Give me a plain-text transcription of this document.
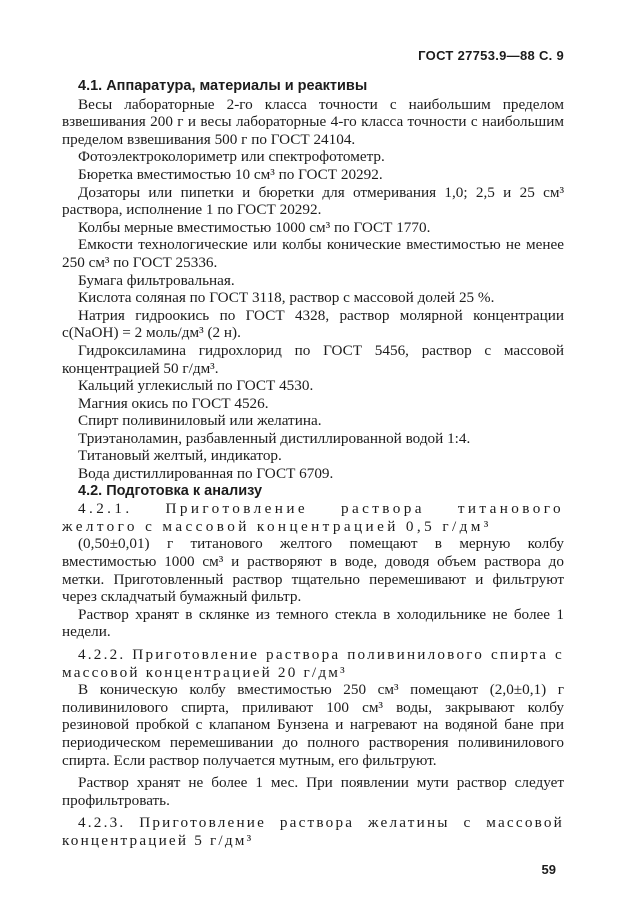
ГОСТ 27753.9—88 С. 9

4.1. Аппаратура, материалы и реактивы

Весы лабораторные 2-го класса точности с наибольшим пределом взвешивания 200 г и весы лабораторные 4-го класса точности с наибольшим пределом взвешивания 500 г по ГОСТ 24104.

Фотоэлектроколориметр или спектрофотометр.

Бюретка вместимостью 10 см³ по ГОСТ 20292.

Дозаторы или пипетки и бюретки для отмеривания 1,0; 2,5 и 25 см³ раствора, исполнение 1 по ГОСТ 20292.

Колбы мерные вместимостью 1000 см³ по ГОСТ 1770.

Емкости технологические или колбы конические вместимостью не менее 250 см³ по ГОСТ 25336.

Бумага фильтровальная.

Кислота соляная по ГОСТ 3118, раствор с массовой долей 25 %.

Натрия гидроокись по ГОСТ 4328, раствор молярной концентрации c(NaOH) = 2 моль/дм³ (2 н).

Гидроксиламина гидрохлорид по ГОСТ 5456, раствор с массовой концентрацией 50 г/дм³.

Кальций углекислый по ГОСТ 4530.

Магния окись по ГОСТ 4526.

Спирт поливиниловый или желатина.

Триэтаноламин, разбавленный дистиллированной водой 1:4.

Титановый желтый, индикатор.

Вода дистиллированная по ГОСТ 6709.

4.2. Подготовка к анализу

4.2.1. Приготовление раствора титанового желтого с массовой концентрацией 0,5 г/дм³

(0,50±0,01) г титанового желтого помещают в мерную колбу вместимостью 1000 см³ и растворяют в воде, доводя объем раствора до метки. Приготовленный раствор тщательно перемешивают и фильтруют через складчатый бумажный фильтр.

Раствор хранят в склянке из темного стекла в холодильнике не более 1 недели.

4.2.2. Приготовление раствора поливинилового спирта с массовой концентрацией 20 г/дм³

В коническую колбу вместимостью 250 см³ помещают (2,0±0,1) г поливинилового спирта, приливают 100 см³ воды, закрывают колбу резиновой пробкой с клапаном Бунзена и нагревают на водяной бане при периодическом перемешивании до полного растворения поливинилового спирта. Если раствор получается мутным, его фильтруют.

Раствор хранят не более 1 мес. При появлении мути раствор следует профильтровать.

4.2.3. Приготовление раствора желатины с массовой концентрацией 5 г/дм³

59
